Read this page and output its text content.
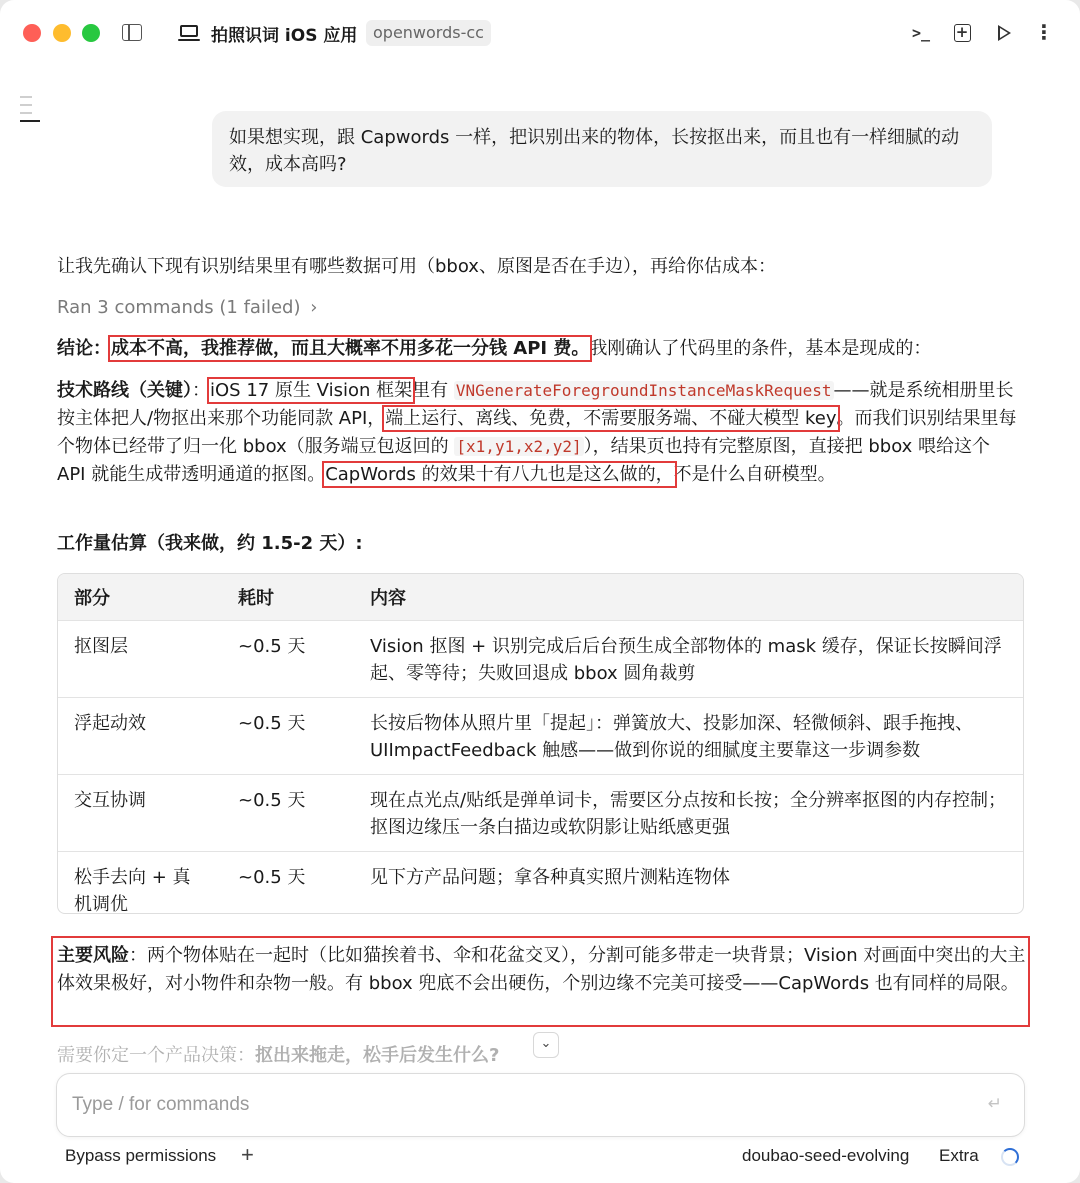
拍照识词 iOS 应用 openwords-cc	>_	+	⋮
如果想实现，跟 Capwords 一样，把识别出来的物体，长按抠出来，而且也有一样细腻的动效，成本高吗?
让我先确认下现有识别结果里有哪些数据可用（bbox、原图是否在手边），再给你估成本：
Ran 3 commands (1 failed) ›
结论：成本不高，我推荐做，而且大概率不用多花一分钱 API 费。我刚确认了代码里的条件，基本是现成的：
技术路线（关键）：iOS 17 原生 Vision 框架里有 VNGenerateForegroundInstanceMaskRequest ——就是系统相册里长按主体把人/物抠出来那个功能同款 API，端上运行、离线、免费，不需要服务端、不碰大模型 key。而我们识别结果里每个物体已经带了归一化 bbox（服务端豆包返回的 [x1,y1,x2,y2] ），结果页也持有完整原图，直接把 bbox 喂给这个 API 就能生成带透明通道的抠图。CapWords 的效果十有八九也是这么做的，不是什么自研模型。
工作量估算（我来做，约 1.5-2 天）:
部分	耗时	内容
抠图层	~0.5 天	Vision 抠图 + 识别完成后后台预生成全部物体的 mask 缓存，保证长按瞬间浮起、零等待；失败回退成 bbox 圆角裁剪
浮起动效	~0.5 天	长按后物体从照片里「提起」：弹簧放大、投影加深、轻微倾斜、跟手拖拽、UIImpactFeedback 触感——做到你说的细腻度主要靠这一步调参数
交互协调	~0.5 天	现在点光点/贴纸是弹单词卡，需要区分点按和长按；全分辨率抠图的内存控制；抠图边缘压一条白描边或软阴影让贴纸感更强
松手去向 + 真机调优	~0.5 天	见下方产品问题；拿各种真实照片测粘连物体
主要风险：两个物体贴在一起时（比如猫挨着书、伞和花盆交叉），分割可能多带走一块背景；Vision 对画面中突出的大主体效果极好，对小物件和杂物一般。有 bbox 兜底不会出硬伤，个别边缘不完美可接受——CapWords 也有同样的局限。
需要你定一个产品决策：抠出来拖走，松手后发生什么?
⌄
Type / for commands
↵
Bypass permissions +	doubao-seed-evolving Extra
